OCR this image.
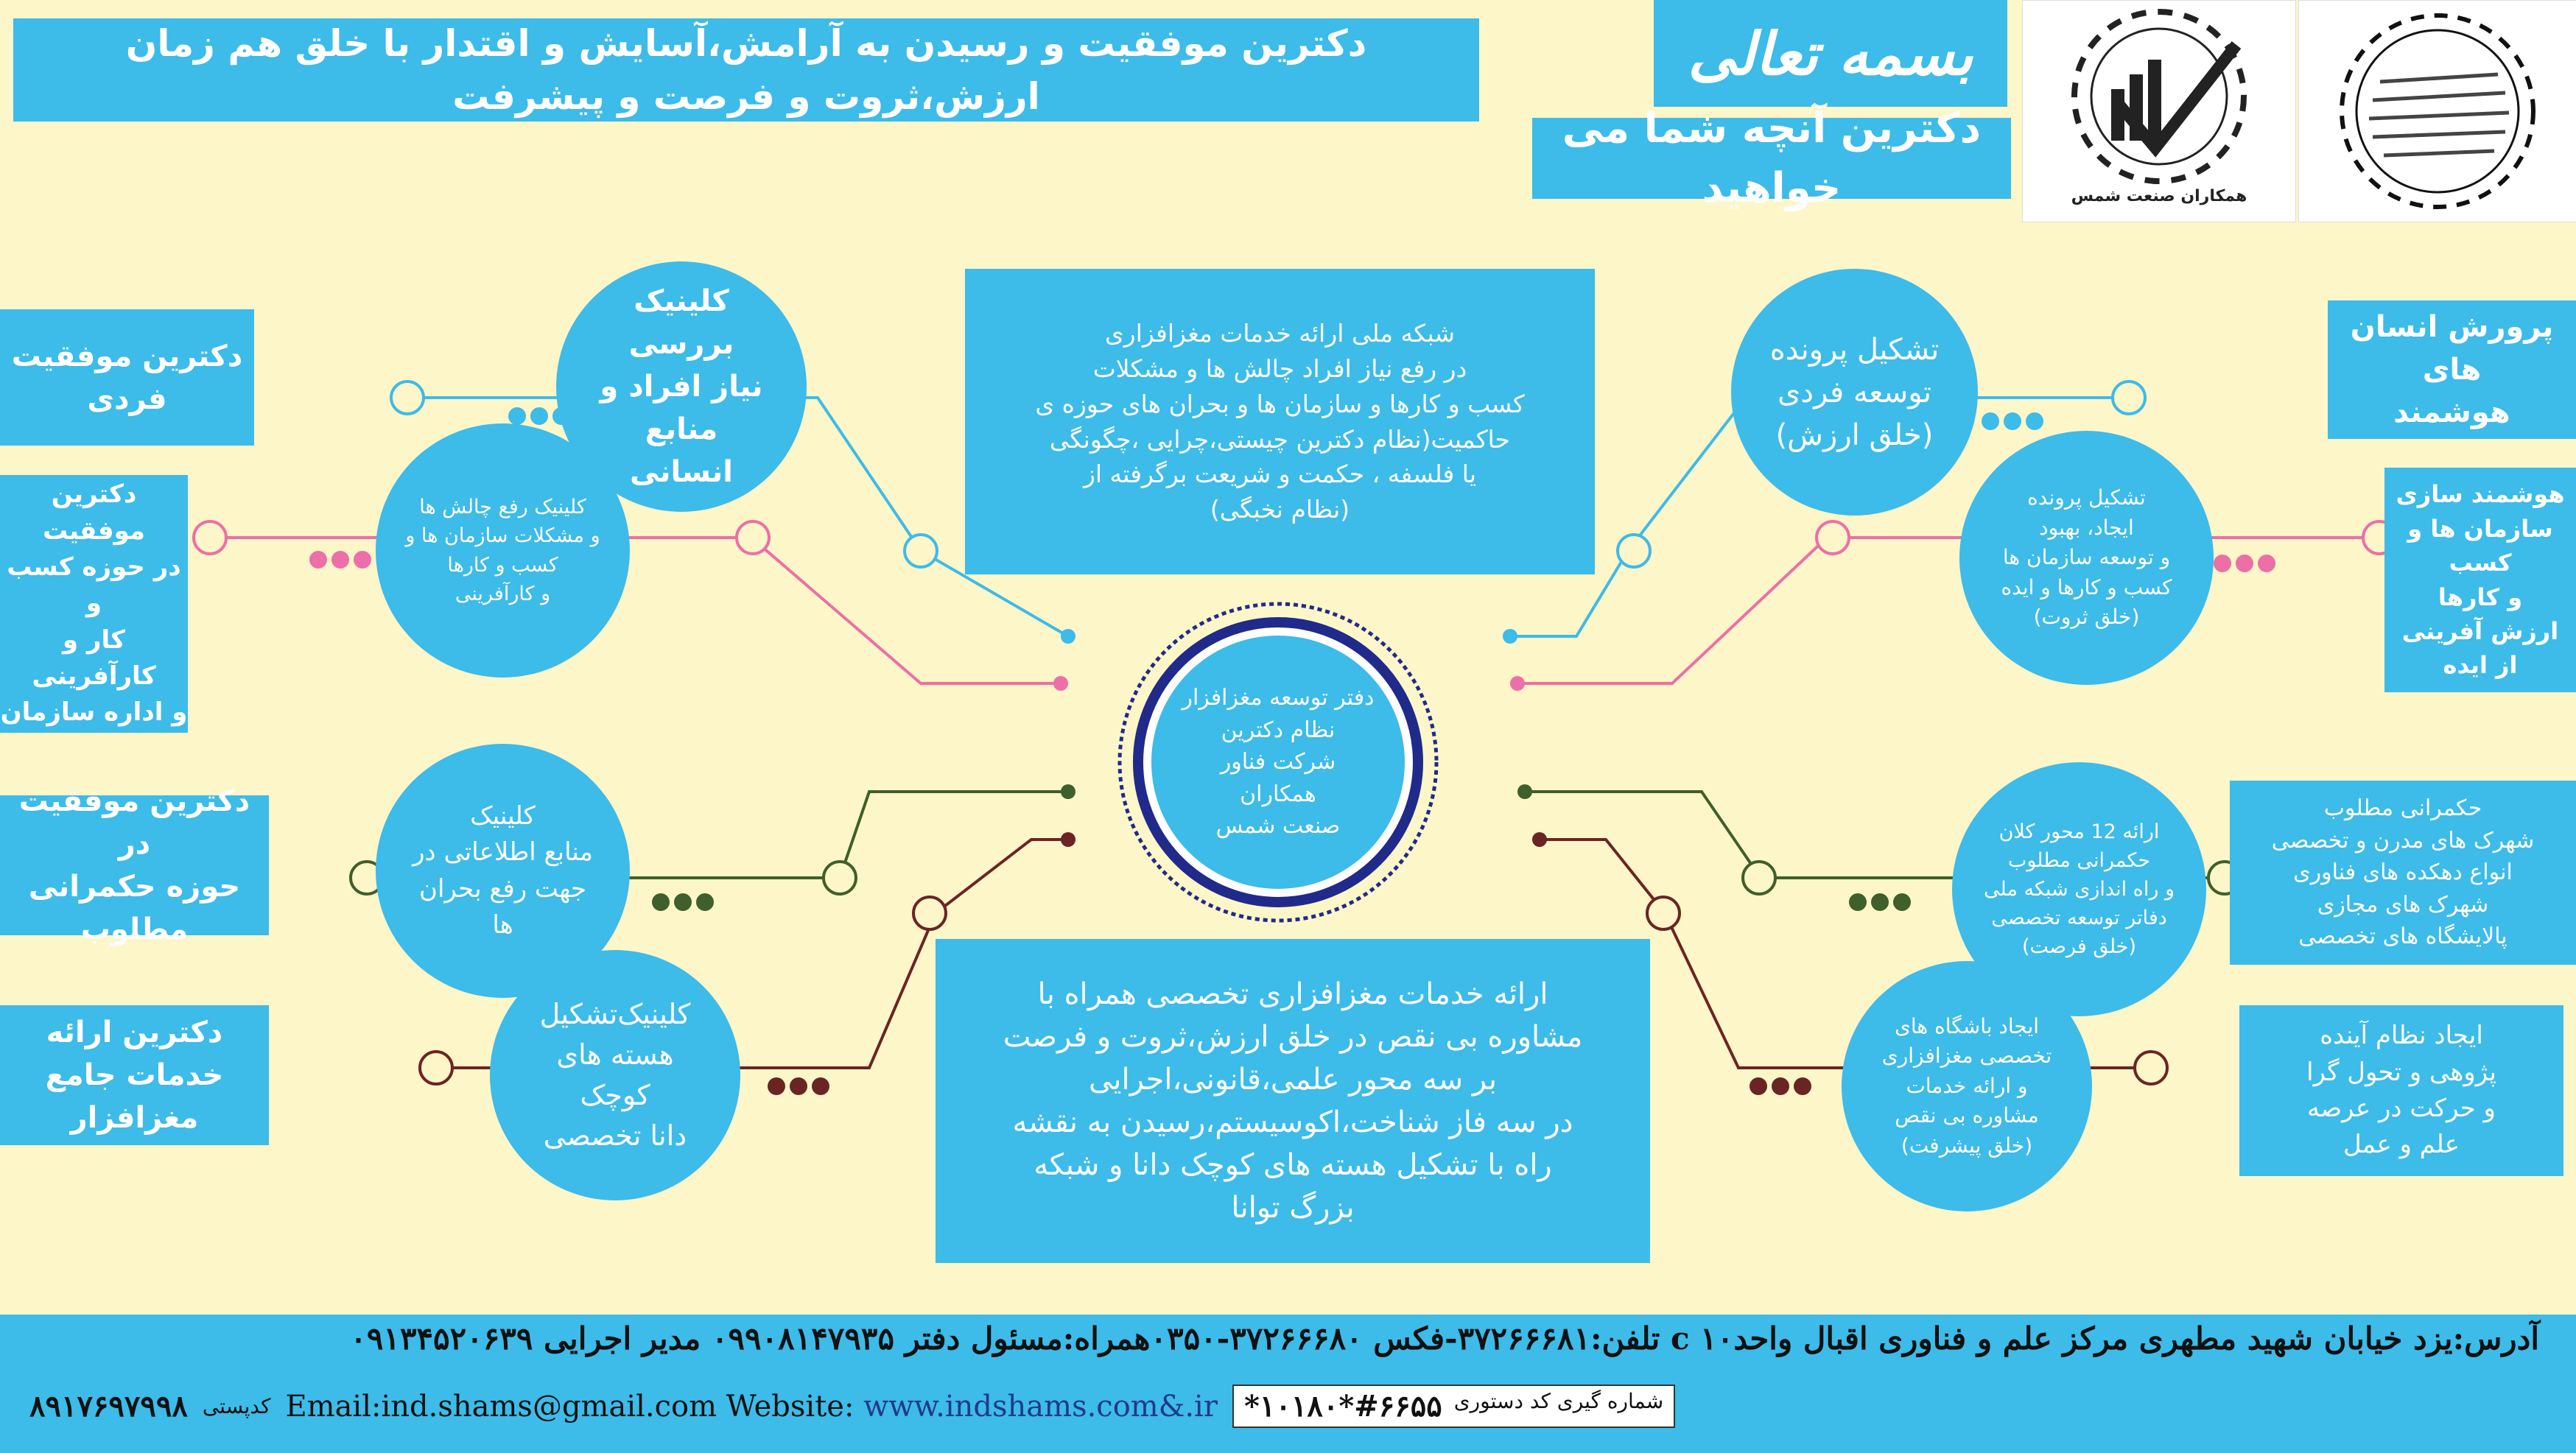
دکترین موفقیت و رسیدن به آرامش،آسایش و اقتدار با خلق هم زمان ارزش،ثروت و فرصت و پیشرفت
بسمه تعالی
دکترین آنچه شما می خواهید	همکاران صنعت شمس
دکترین موفقیت
فردی
دکترین موفقیت
در حوزه کسب و
کار و کارآفرینی
و اداره سازمان
دکترین موفقیت در
حوزه حکمرانی
مطلوب
دکترین ارائه
خدمات جامع
مغزافزار
پرورش انسان های
هوشمند
هوشمند سازی
سازمان ها و کسب
و کارها
ارزش آفرینی
از ایده
حکمرانی مطلوب
شهرک های مدرن و تخصصی
انواع دهکده های فناوری
شهرک های مجازی
پالایشگاه های تخصصی
ایجاد نظام آینده
پژوهی و تحول گرا
و حرکت در عرصه
علم و عمل
کلینیک بررسی
نیاز افراد و منابع
انسانی
کلینیک رفع چالش ها
و مشکلات سازمان ها و
کسب و کارها
و کارآفرینی
کلینیک
منابع اطلاعاتی در
جهت رفع بحران ها
کلینیک‌تشکیل
هسته های کوچک
دانا تخصصی
تشکیل پرونده
توسعه فردی
(خلق ارزش)
تشکیل پرونده
ایجاد، بهبود
و توسعه سازمان ها
کسب و کارها و ایده
(خلق ثروت)
ارائه 12 محور کلان
حکمرانی مطلوب
و راه اندازی شبکه ملی
دفاتر توسعه تخصصی
(خلق فرصت)
ایجاد باشگاه های
تخصصی مغزافزاری
و ارائه خدمات
مشاوره بی نقص
(خلق پیشرفت)
شبکه ملی ارائه خدمات مغزافزاری
در رفع نیاز افراد چالش ها و مشکلات
کسب و کارها و سازمان ها و بحران های حوزه ی
حاکمیت(نظام دکترین چیستی،چرایی ،چگونگی
یا فلسفه ، حکمت و شریعت برگرفته از
(نظام نخبگی)
ارائه خدمات مغزافزاری تخصصی همراه با
مشاوره بی نقص در خلق ارزش،ثروت و فرصت
بر سه محور علمی،قانونی،اجرایی
در سه فاز شناخت،اکوسیستم،رسیدن به نقشه
راه با تشکیل هسته های کوچک دانا و شبکه
بزرگ توانا
دفتر توسعه مغزافزار
نظام دکترین
شرکت فناور همکاران
صنعت شمس
آدرس:یزد خیابان شهید مطهری مرکز علم و فناوری اقبال واحد۱۰ c تلفن:۳۷۲۶۶۶۸۱-فکس ۳۷۲۶۶۶۸۰-۰۳۵۰همراه:مسئول دفتر ۰۹۹۰۸۱۴۷۹۳۵ مدیر اجرایی ۰۹۱۳۴۵۲۰۶۳۹
۸۹۱۷۶۹۷۹۹۸ کدپستی Email:ind.shams@gmail.com Website: www.indshams.com&.ir	شماره گیری کد دستوری
#۶۶۵۵*۱۰۱۸۰*
